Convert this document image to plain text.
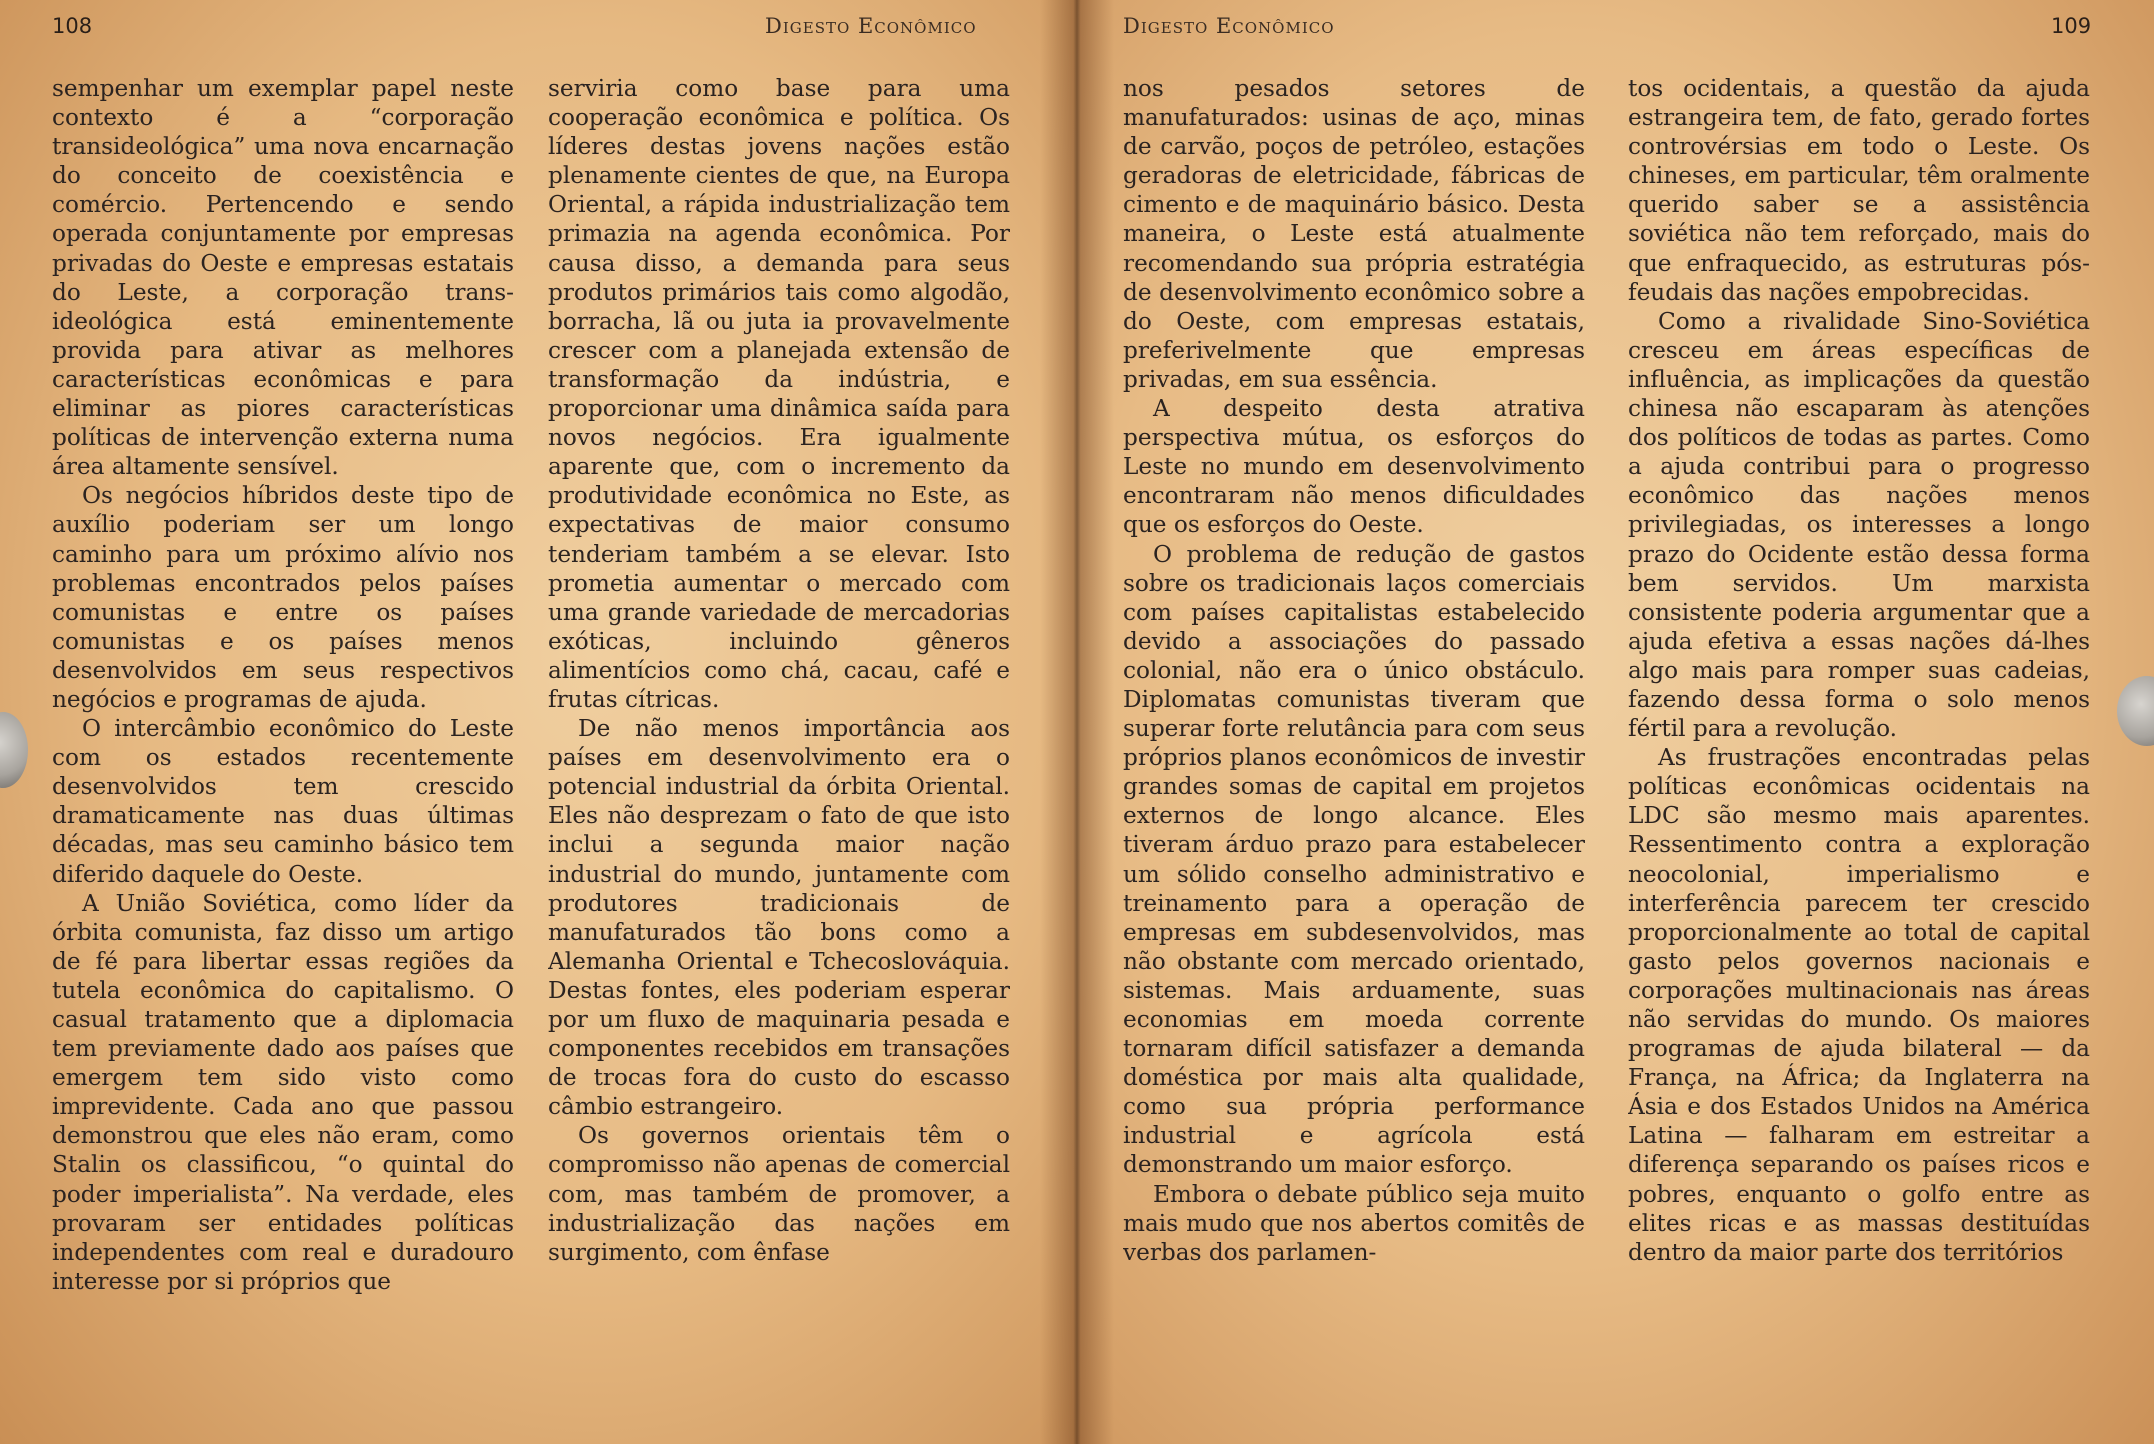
108	Digesto Econômico

sempenhar um exemplar papel neste contexto é a “corporação transideológica” uma nova encarnação do conceito de coexistência e comércio. Pertencendo e sendo operada conjuntamente por empresas privadas do Oeste e empresas estatais do Leste, a corporação trans-ideológica está eminentemente provida para ativar as melhores características econômicas e para eliminar as piores características políticas de intervenção externa numa área altamente sensível.

Os negócios híbridos deste tipo de auxílio poderiam ser um longo caminho para um próximo alívio nos problemas encontrados pelos países comunistas e entre os países comunistas e os países menos desenvolvidos em seus respectivos negócios e programas de ajuda.

O intercâmbio econômico do Leste com os estados recentemente desenvolvidos tem crescido dramaticamente nas duas últimas décadas, mas seu caminho básico tem diferido daquele do Oeste.

A União Soviética, como líder da órbita comunista, faz disso um artigo de fé para libertar essas regiões da tutela econômica do capitalismo. O casual tratamento que a diplomacia tem previamente dado aos países que emergem tem sido visto como imprevidente. Cada ano que passou demonstrou que eles não eram, como Stalin os classificou, “o quintal do poder imperialista”. Na verdade, eles provaram ser entidades políticas independentes com real e duradouro interesse por si próprios que

serviria como base para uma cooperação econômica e política. Os líderes destas jovens nações estão plenamente cientes de que, na Europa Oriental, a rápida industrialização tem primazia na agenda econômica. Por causa disso, a demanda para seus produtos primários tais como algodão, borracha, lã ou juta ia provavelmente crescer com a planejada extensão de transformação da indústria, e proporcionar uma dinâmica saída para novos negócios. Era igualmente aparente que, com o incremento da produtividade econômica no Este, as expectativas de maior consumo tenderiam também a se elevar. Isto prometia aumentar o mercado com uma grande variedade de mercadorias exóticas, incluindo gêneros alimentícios como chá, cacau, café e frutas cítricas.

De não menos importância aos países em desenvolvimento era o potencial industrial da órbita Oriental. Eles não desprezam o fato de que isto inclui a segunda maior nação industrial do mundo, juntamente com produtores tradicionais de manufaturados tão bons como a Alemanha Oriental e Tchecoslováquia. Destas fontes, eles poderiam esperar por um fluxo de maquinaria pesada e componentes recebidos em transações de trocas fora do custo do escasso câmbio estrangeiro.

Os governos orientais têm o compromisso não apenas de comercial com, mas também de promover, a industrialização das nações em surgimento, com ênfase

Digesto Econômico	109

nos pesados setores de manufaturados: usinas de aço, minas de carvão, poços de petróleo, estações geradoras de eletricidade, fábricas de cimento e de maquinário básico. Desta maneira, o Leste está atualmente recomendando sua própria estratégia de desenvolvimento econômico sobre a do Oeste, com empresas estatais, preferivelmente que empresas privadas, em sua essência.

A despeito desta atrativa perspectiva mútua, os esforços do Leste no mundo em desenvolvimento encontraram não menos dificuldades que os esforços do Oeste.

O problema de redução de gastos sobre os tradicionais laços comerciais com países capitalistas estabelecido devido a associações do passado colonial, não era o único obstáculo. Diplomatas comunistas tiveram que superar forte relutância para com seus próprios planos econômicos de investir grandes somas de capital em projetos externos de longo alcance. Eles tiveram árduo prazo para estabelecer um sólido conselho administrativo e treinamento para a operação de empresas em subdesenvolvidos, mas não obstante com mercado orientado, sistemas. Mais arduamente, suas economias em moeda corrente tornaram difícil satisfazer a demanda doméstica por mais alta qualidade, como sua própria performance industrial e agrícola está demonstrando um maior esforço.

Embora o debate público seja muito mais mudo que nos abertos comitês de verbas dos parlamen-

tos ocidentais, a questão da ajuda estrangeira tem, de fato, gerado fortes controvérsias em todo o Leste. Os chineses, em particular, têm oralmente querido saber se a assistência soviética não tem reforçado, mais do que enfraquecido, as estruturas pós-feudais das nações empobrecidas.

Como a rivalidade Sino-Soviética cresceu em áreas específicas de influência, as implicações da questão chinesa não escaparam às atenções dos políticos de todas as partes. Como a ajuda contribui para o progresso econômico das nações menos privilegiadas, os interesses a longo prazo do Ocidente estão dessa forma bem servidos. Um marxista consistente poderia argumentar que a ajuda efetiva a essas nações dá-lhes algo mais para romper suas cadeias, fazendo dessa forma o solo menos fértil para a revolução.

As frustrações encontradas pelas políticas econômicas ocidentais na LDC são mesmo mais aparentes. Ressentimento contra a exploração neocolonial, imperialismo e interferência parecem ter crescido proporcionalmente ao total de capital gasto pelos governos nacionais e corporações multinacionais nas áreas não servidas do mundo. Os maiores programas de ajuda bilateral — da França, na África; da Inglaterra na Ásia e dos Estados Unidos na América Latina — falharam em estreitar a diferença separando os países ricos e pobres, enquanto o golfo entre as elites ricas e as massas destituídas dentro da maior parte dos territórios
